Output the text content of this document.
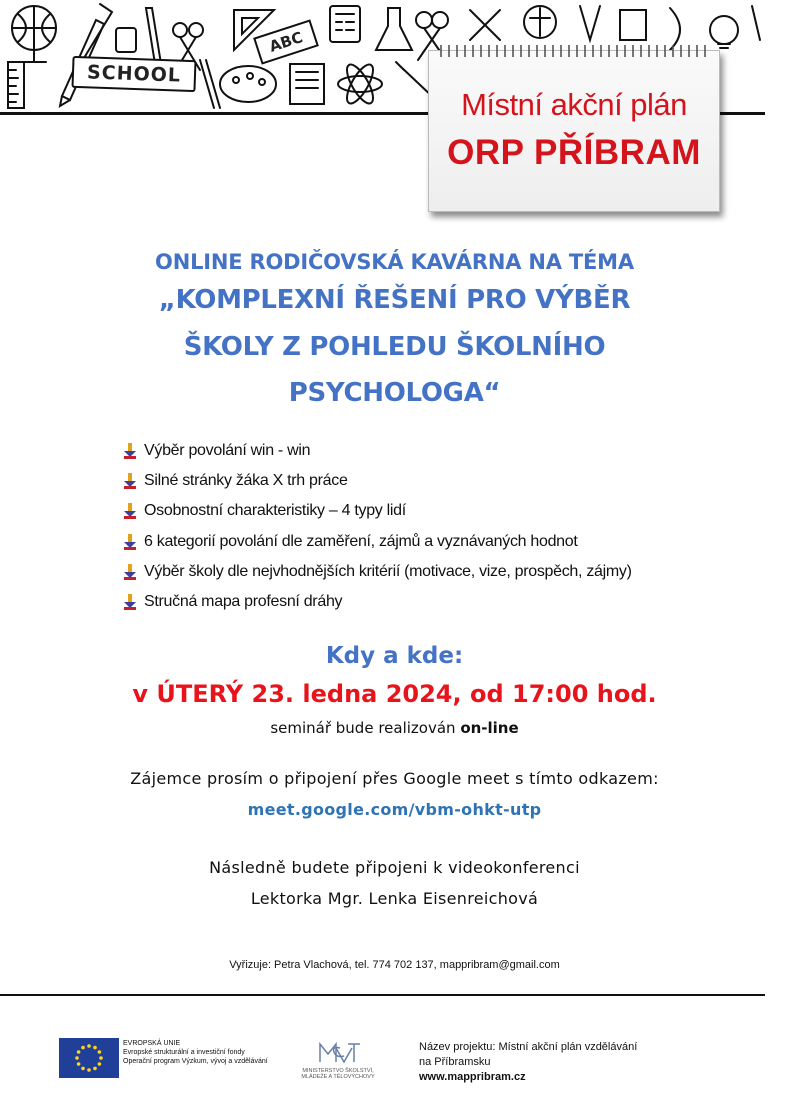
SCHOOL
ABC
Místní akční plán
ORP PŘÍBRAM
ONLINE RODIČOVSKÁ KAVÁRNA NA TÉMA
„KOMPLEXNÍ ŘEŠENÍ PRO VÝBĚR
ŠKOLY Z POHLEDU ŠKOLNÍHO
PSYCHOLOGA“
Výběr povolání win - win
Silné stránky žáka X trh práce
Osobnostní charakteristiky – 4 typy lidí
6 kategorií povolání dle zaměření, zájmů a vyznávaných hodnot
Výběr školy dle nejvhodnějších kritérií (motivace, vize, prospěch, zájmy)
Stručná mapa profesní dráhy
Kdy a kde:
v ÚTERÝ 23. ledna 2024, od 17:00 hod.
seminář bude realizován on-line
Zájemce prosím o připojení přes Google meet s tímto odkazem:
meet.google.com/vbm-ohkt-utp
Následně budete připojeni k videokonferenci
Lektorka Mgr. Lenka Eisenreichová
Vyřizuje: Petra Vlachová, tel. 774 702 137, mappribram@gmail.com
EVROPSKÁ UNIE
Evropské strukturální a investiční fondy
Operační program Výzkum, vývoj a vzdělávání
MINISTERSTVO ŠKOLSTVÍ,
MLÁDEŽE A TĚLOVÝCHOVY
Název projektu: Místní akční plán vzdělávání
na Příbramsku
www.mappribram.cz
